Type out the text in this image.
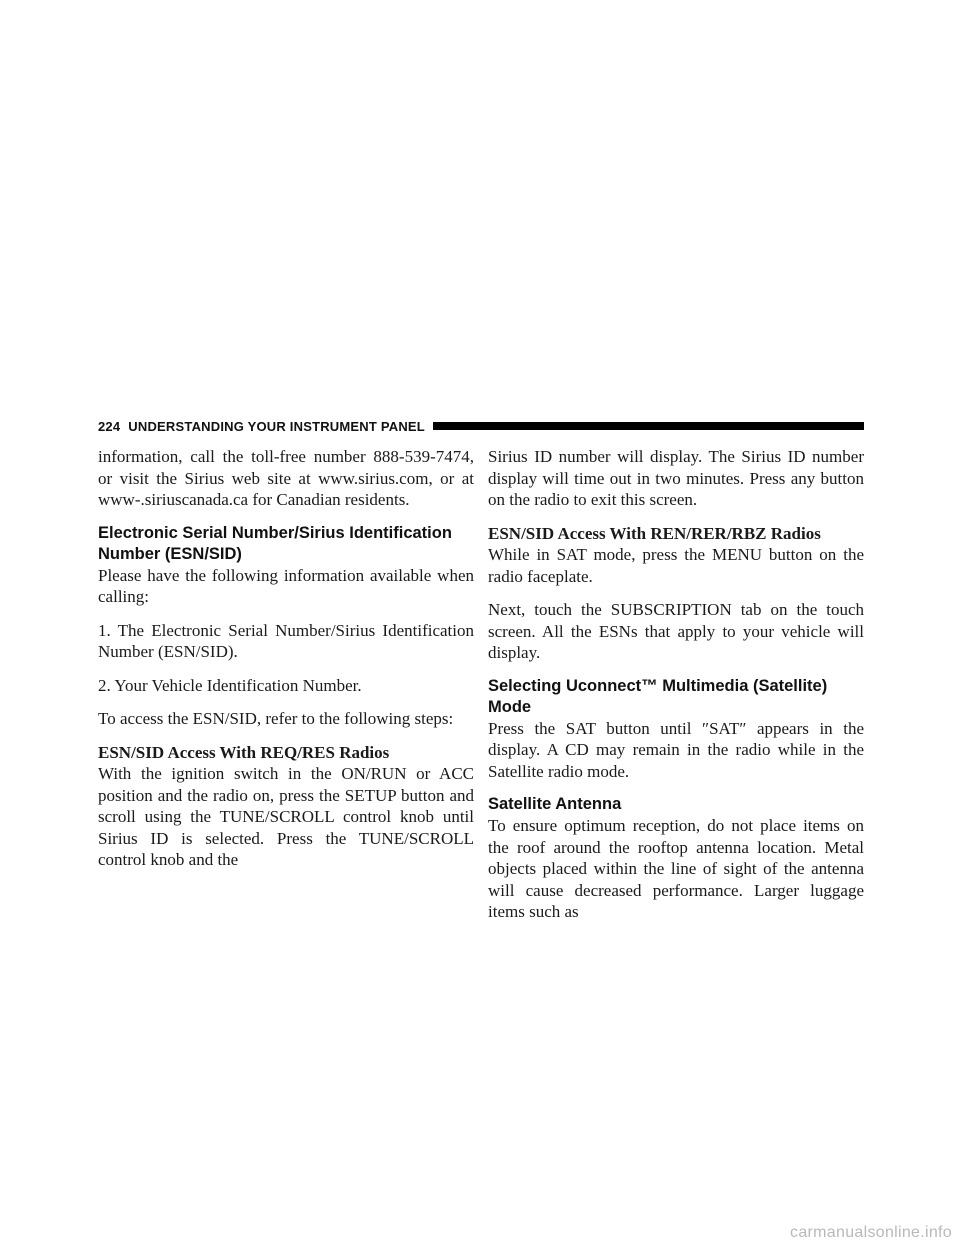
224 UNDERSTANDING YOUR INSTRUMENT PANEL

information, call the toll-free number 888-539-7474, or visit the Sirius web site at www.sirius.com, or at www-.siriuscanada.ca for Canadian residents.

Electronic Serial Number/Sirius Identification Number (ESN/SID)

Please have the following information available when calling:

1. The Electronic Serial Number/Sirius Identification Number (ESN/SID).

2. Your Vehicle Identification Number.

To access the ESN/SID, refer to the following steps:

ESN/SID Access With REQ/RES Radios

With the ignition switch in the ON/RUN or ACC position and the radio on, press the SETUP button and scroll using the TUNE/SCROLL control knob until Sirius ID is selected. Press the TUNE/SCROLL control knob and the

Sirius ID number will display. The Sirius ID number display will time out in two minutes. Press any button on the radio to exit this screen.

ESN/SID Access With REN/RER/RBZ Radios

While in SAT mode, press the MENU button on the radio faceplate.

Next, touch the SUBSCRIPTION tab on the touch screen. All the ESNs that apply to your vehicle will display.

Selecting Uconnect™ Multimedia (Satellite) Mode

Press the SAT button until ″SAT″ appears in the display. A CD may remain in the radio while in the Satellite radio mode.

Satellite Antenna

To ensure optimum reception, do not place items on the roof around the rooftop antenna location. Metal objects placed within the line of sight of the antenna will cause decreased performance. Larger luggage items such as

carmanualsonline.info
